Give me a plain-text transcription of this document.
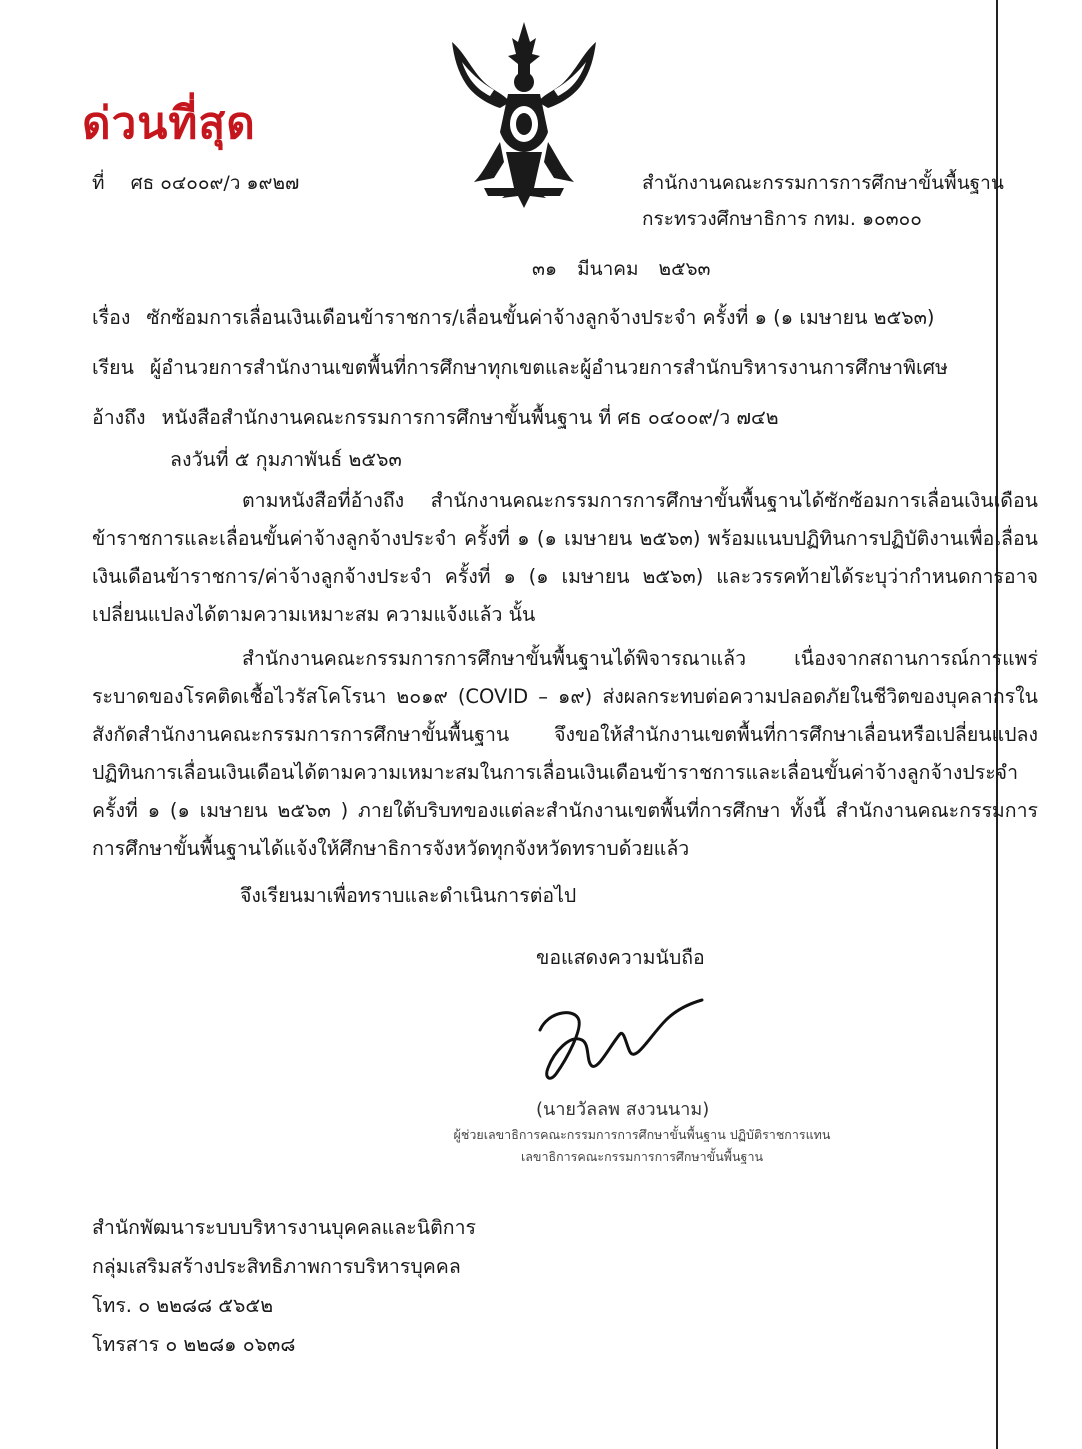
ด่วนที่สุด
ที่ ศธ ๐๔๐๐๙/ว ๑๙๒๗	สำนักงานคณะกรรมการการศึกษาขั้นพื้นฐาน
กระทรวงศึกษาธิการ กทม. ๑๐๓๐๐
๓๑ มีนาคม ๒๕๖๓
เรื่อง ซักซ้อมการเลื่อนเงินเดือนข้าราชการ/เลื่อนขั้นค่าจ้างลูกจ้างประจำ ครั้งที่ ๑ (๑ เมษายน ๒๕๖๓)
เรียน ผู้อำนวยการสำนักงานเขตพื้นที่การศึกษาทุกเขตและผู้อำนวยการสำนักบริหารงานการศึกษาพิเศษ
อ้างถึง หนังสือสำนักงานคณะกรรมการการศึกษาขั้นพื้นฐาน ที่ ศธ ๐๔๐๐๙/ว ๗๔๒
ลงวันที่ ๕ กุมภาพันธ์ ๒๕๖๓

ตามหนังสือที่อ้างถึง สำนักงานคณะกรรมการการศึกษาขั้นพื้นฐานได้ซักซ้อมการเลื่อนเงินเดือนข้าราชการและเลื่อนขั้นค่าจ้างลูกจ้างประจำ ครั้งที่ ๑ (๑ เมษายน ๒๕๖๓) พร้อมแนบปฏิทินการปฏิบัติงานเพื่อเลื่อนเงินเดือนข้าราชการ/ค่าจ้างลูกจ้างประจำ ครั้งที่ ๑ (๑ เมษายน ๒๕๖๓) และวรรคท้ายได้ระบุว่ากำหนดการอาจเปลี่ยนแปลงได้ตามความเหมาะสม ความแจ้งแล้ว นั้น

สำนักงานคณะกรรมการการศึกษาขั้นพื้นฐานได้พิจารณาแล้ว เนื่องจากสถานการณ์การแพร่ระบาดของโรคติดเชื้อไวรัสโคโรนา ๒๐๑๙ (COVID – ๑๙) ส่งผลกระทบต่อความปลอดภัยในชีวิตของบุคลากรในสังกัดสำนักงานคณะกรรมการการศึกษาขั้นพื้นฐาน จึงขอให้สำนักงานเขตพื้นที่การศึกษาเลื่อนหรือเปลี่ยนแปลงปฏิทินการเลื่อนเงินเดือนได้ตามความเหมาะสมในการเลื่อนเงินเดือนข้าราชการและเลื่อนขั้นค่าจ้างลูกจ้างประจำ ครั้งที่ ๑ (๑ เมษายน ๒๕๖๓ ) ภายใต้บริบทของแต่ละสำนักงานเขตพื้นที่การศึกษา ทั้งนี้ สำนักงานคณะกรรมการการศึกษาขั้นพื้นฐานได้แจ้งให้ศึกษาธิการจังหวัดทุกจังหวัดทราบด้วยแล้ว

จึงเรียนมาเพื่อทราบและดำเนินการต่อไป
ขอแสดงความนับถือ
(นายวัลลพ สงวนนาม)
ผู้ช่วยเลขาธิการคณะกรรมการการศึกษาขั้นพื้นฐาน ปฏิบัติราชการแทน
เลขาธิการคณะกรรมการการศึกษาขั้นพื้นฐาน
สำนักพัฒนาระบบบริหารงานบุคคลและนิติการ
กลุ่มเสริมสร้างประสิทธิภาพการบริหารบุคคล
โทร. ๐ ๒๒๘๘ ๕๖๕๒
โทรสาร ๐ ๒๒๘๑ ๐๖๓๘
